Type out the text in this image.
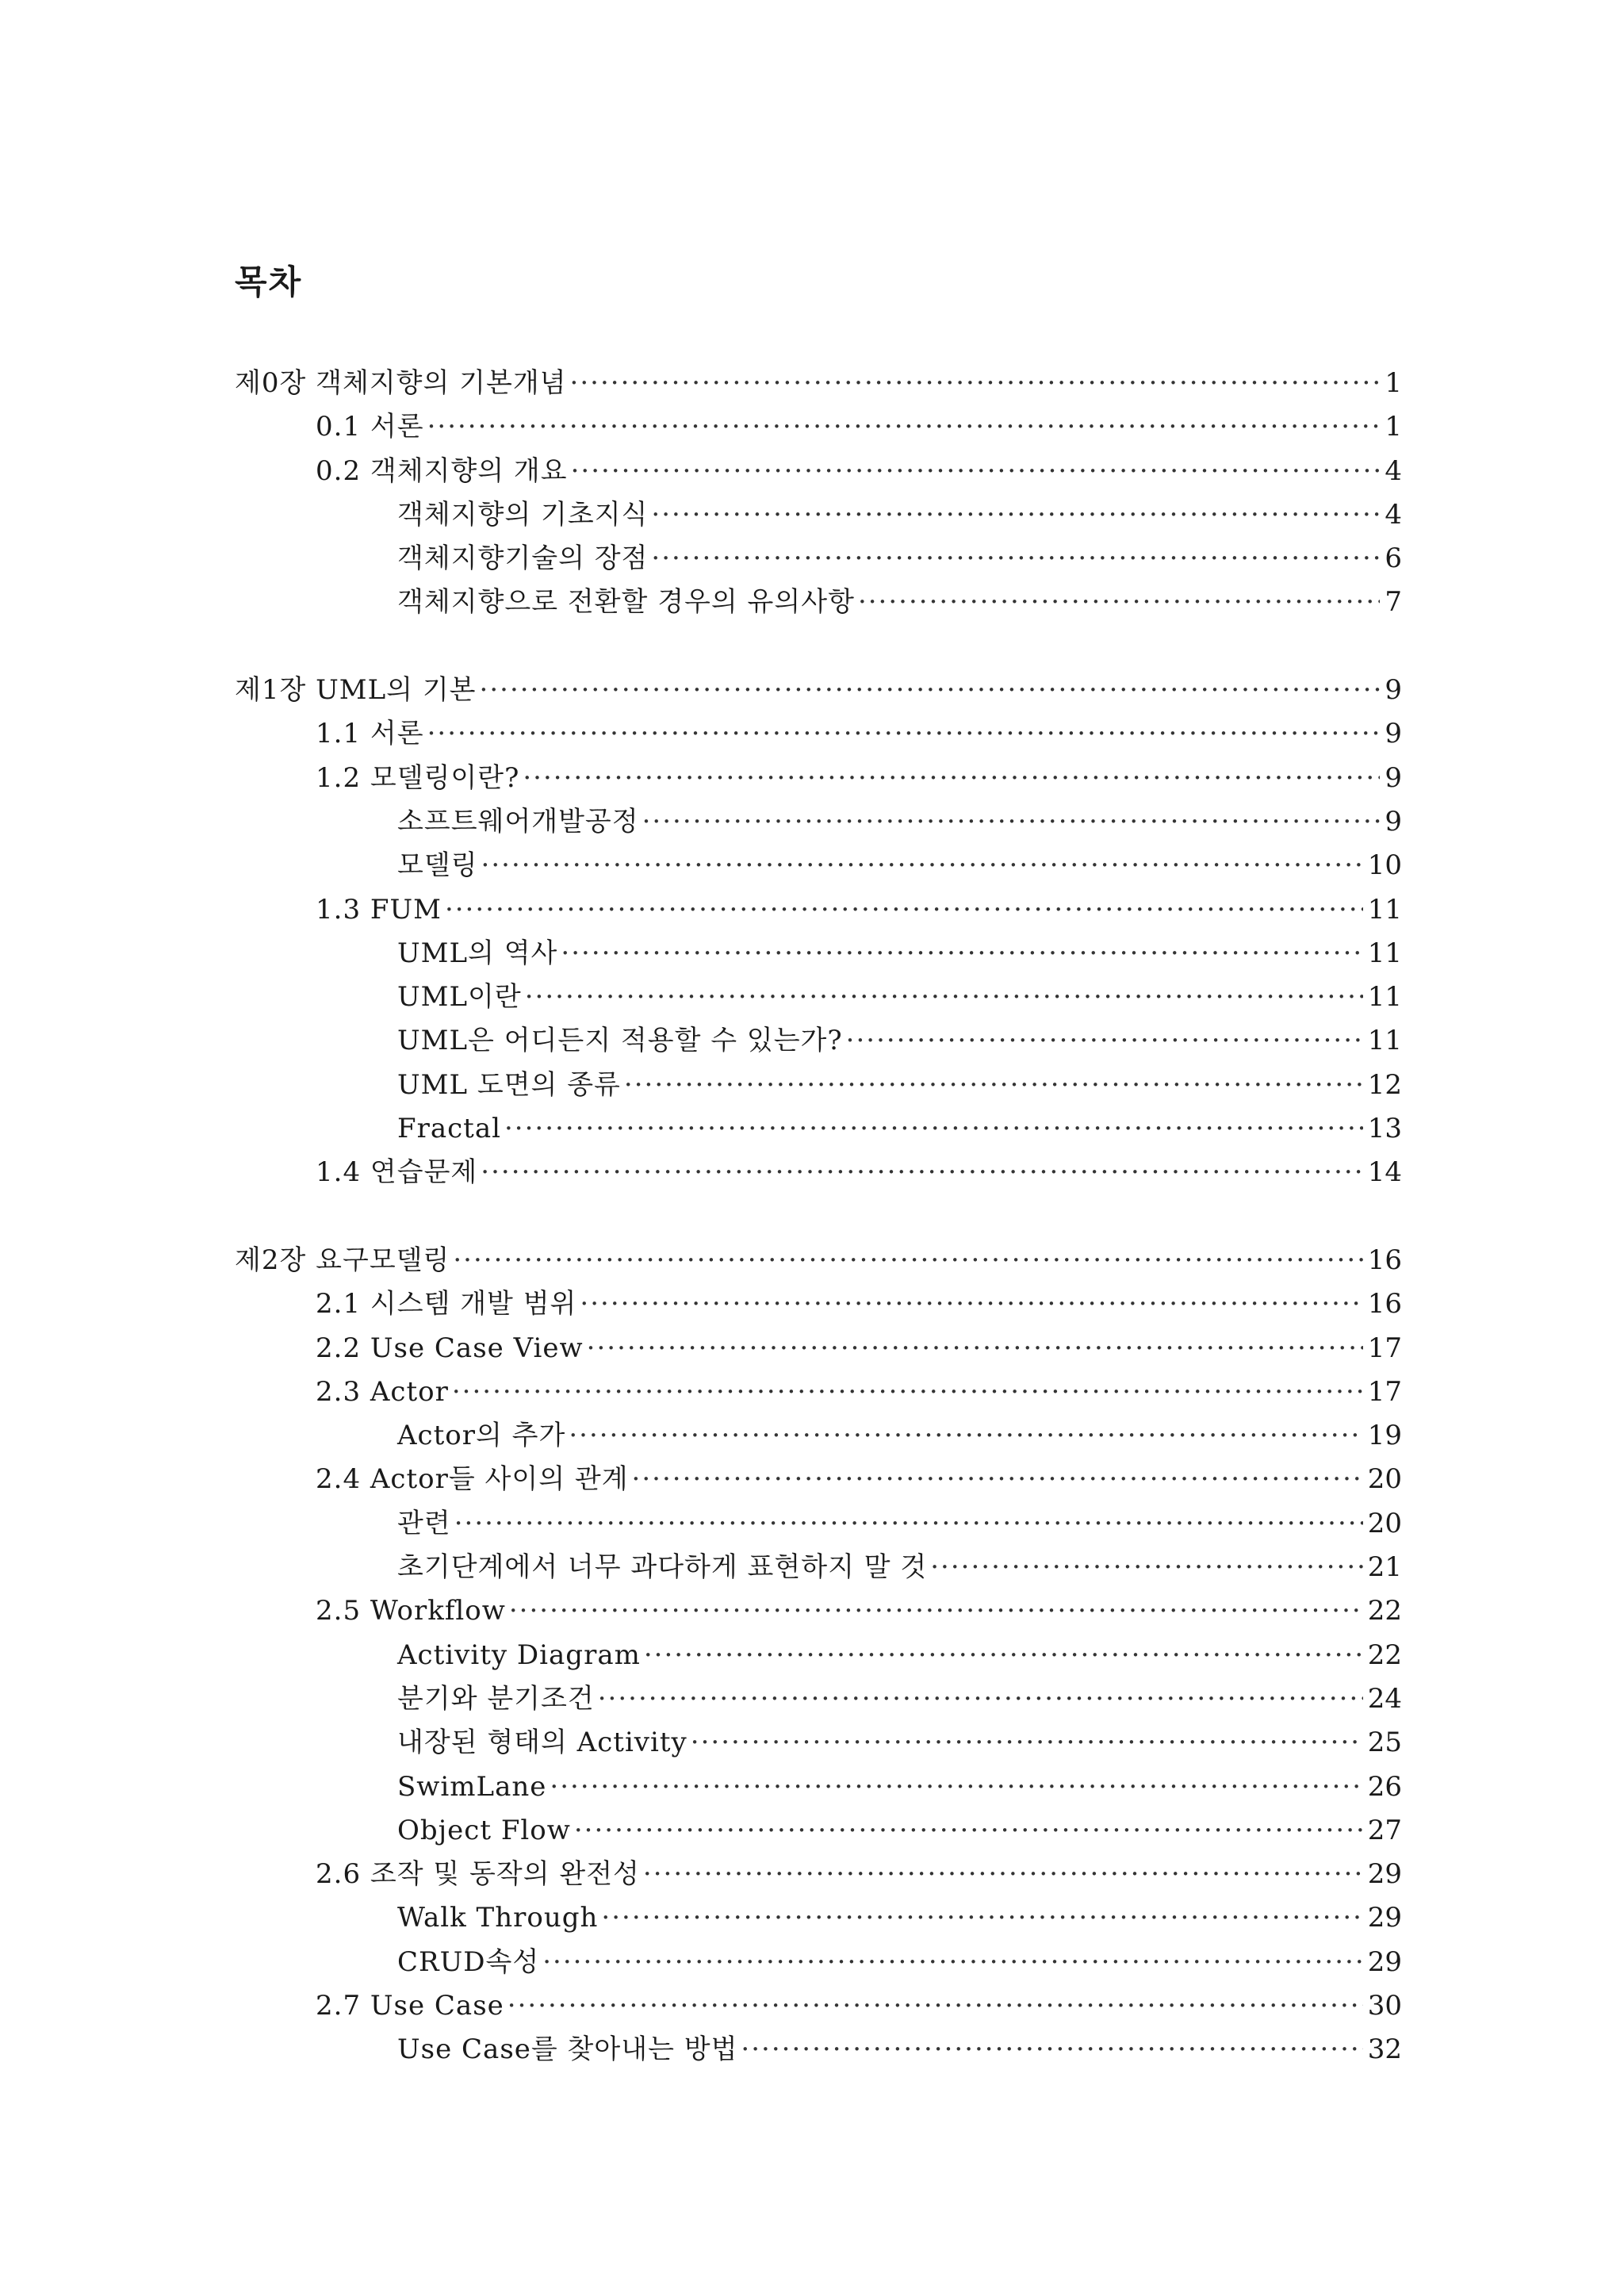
목차
제0장 객체지향의 기본개념 ·····	1
0.1 서론 ·····	1
0.2 객체지향의 개요 ·····	4
객체지향의 기초지식 ·····	4
객체지향기술의 장점 ·····	6
객체지향으로 전환할 경우의 유의사항 ·····	7
제1장 UML의 기본 ·····	9
1.1 서론 ·····	9
1.2 모델링이란? ·····	9
소프트웨어개발공정 ·····	9
모델링 ·····	10
1.3 FUM ·····	11
UML의 역사 ·····	11
UML이란 ·····	11
UML은 어디든지 적용할 수 있는가? ·····	11
UML 도면의 종류 ·····	12
Fractal ·····	13
1.4 연습문제 ·····	14
제2장 요구모델링 ·····	16
2.1 시스템 개발 범위 ·····	16
2.2 Use Case View ·····	17
2.3 Actor ·····	17
Actor의 추가 ·····	19
2.4 Actor들 사이의 관계 ·····	20
관련 ·····	20
초기단계에서 너무 과다하게 표현하지 말 것 ·····	21
2.5 Workflow ·····	22
Activity Diagram ·····	22
분기와 분기조건 ·····	24
내장된 형태의 Activity ·····	25
SwimLane ·····	26
Object Flow ·····	27
2.6 조작 및 동작의 완전성 ·····	29
Walk Through ·····	29
CRUD속성 ·····	29
2.7 Use Case ·····	30
Use Case를 찾아내는 방법 ·····	32
